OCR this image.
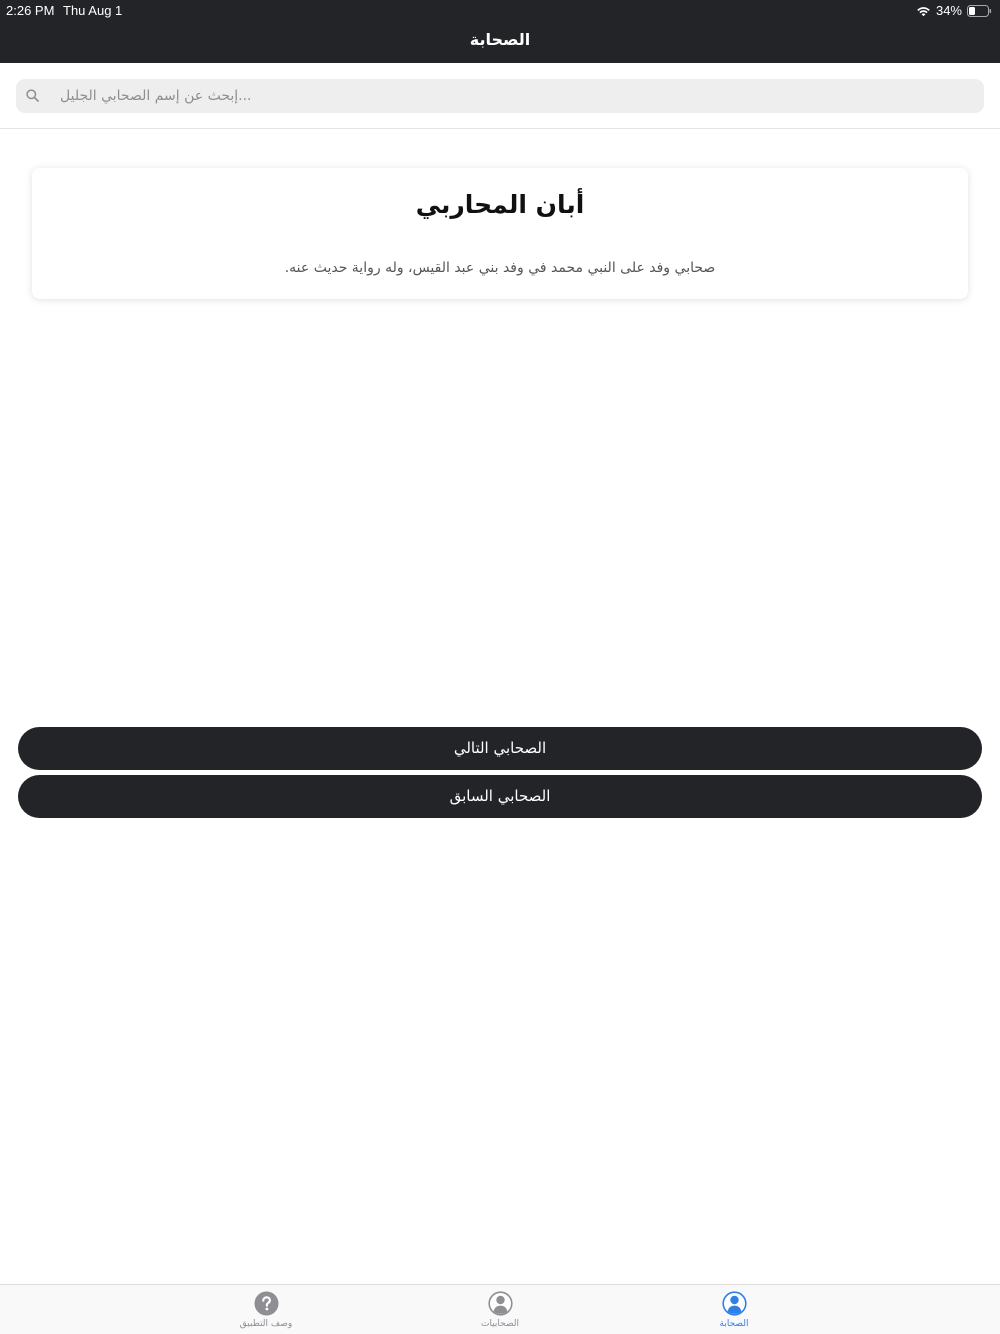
2:26 PM Thu Aug 1	34%
الصحابة
إبحث عن إسم الصحابي الجليل...
أبان المحاربي
.صحابي وفد على النبي محمد في وفد بني عبد القيس، وله رواية حديث عنه
الصحابي التالي
الصحابي السابق
وصف التطبيق	الصحابيات	الصحابة
